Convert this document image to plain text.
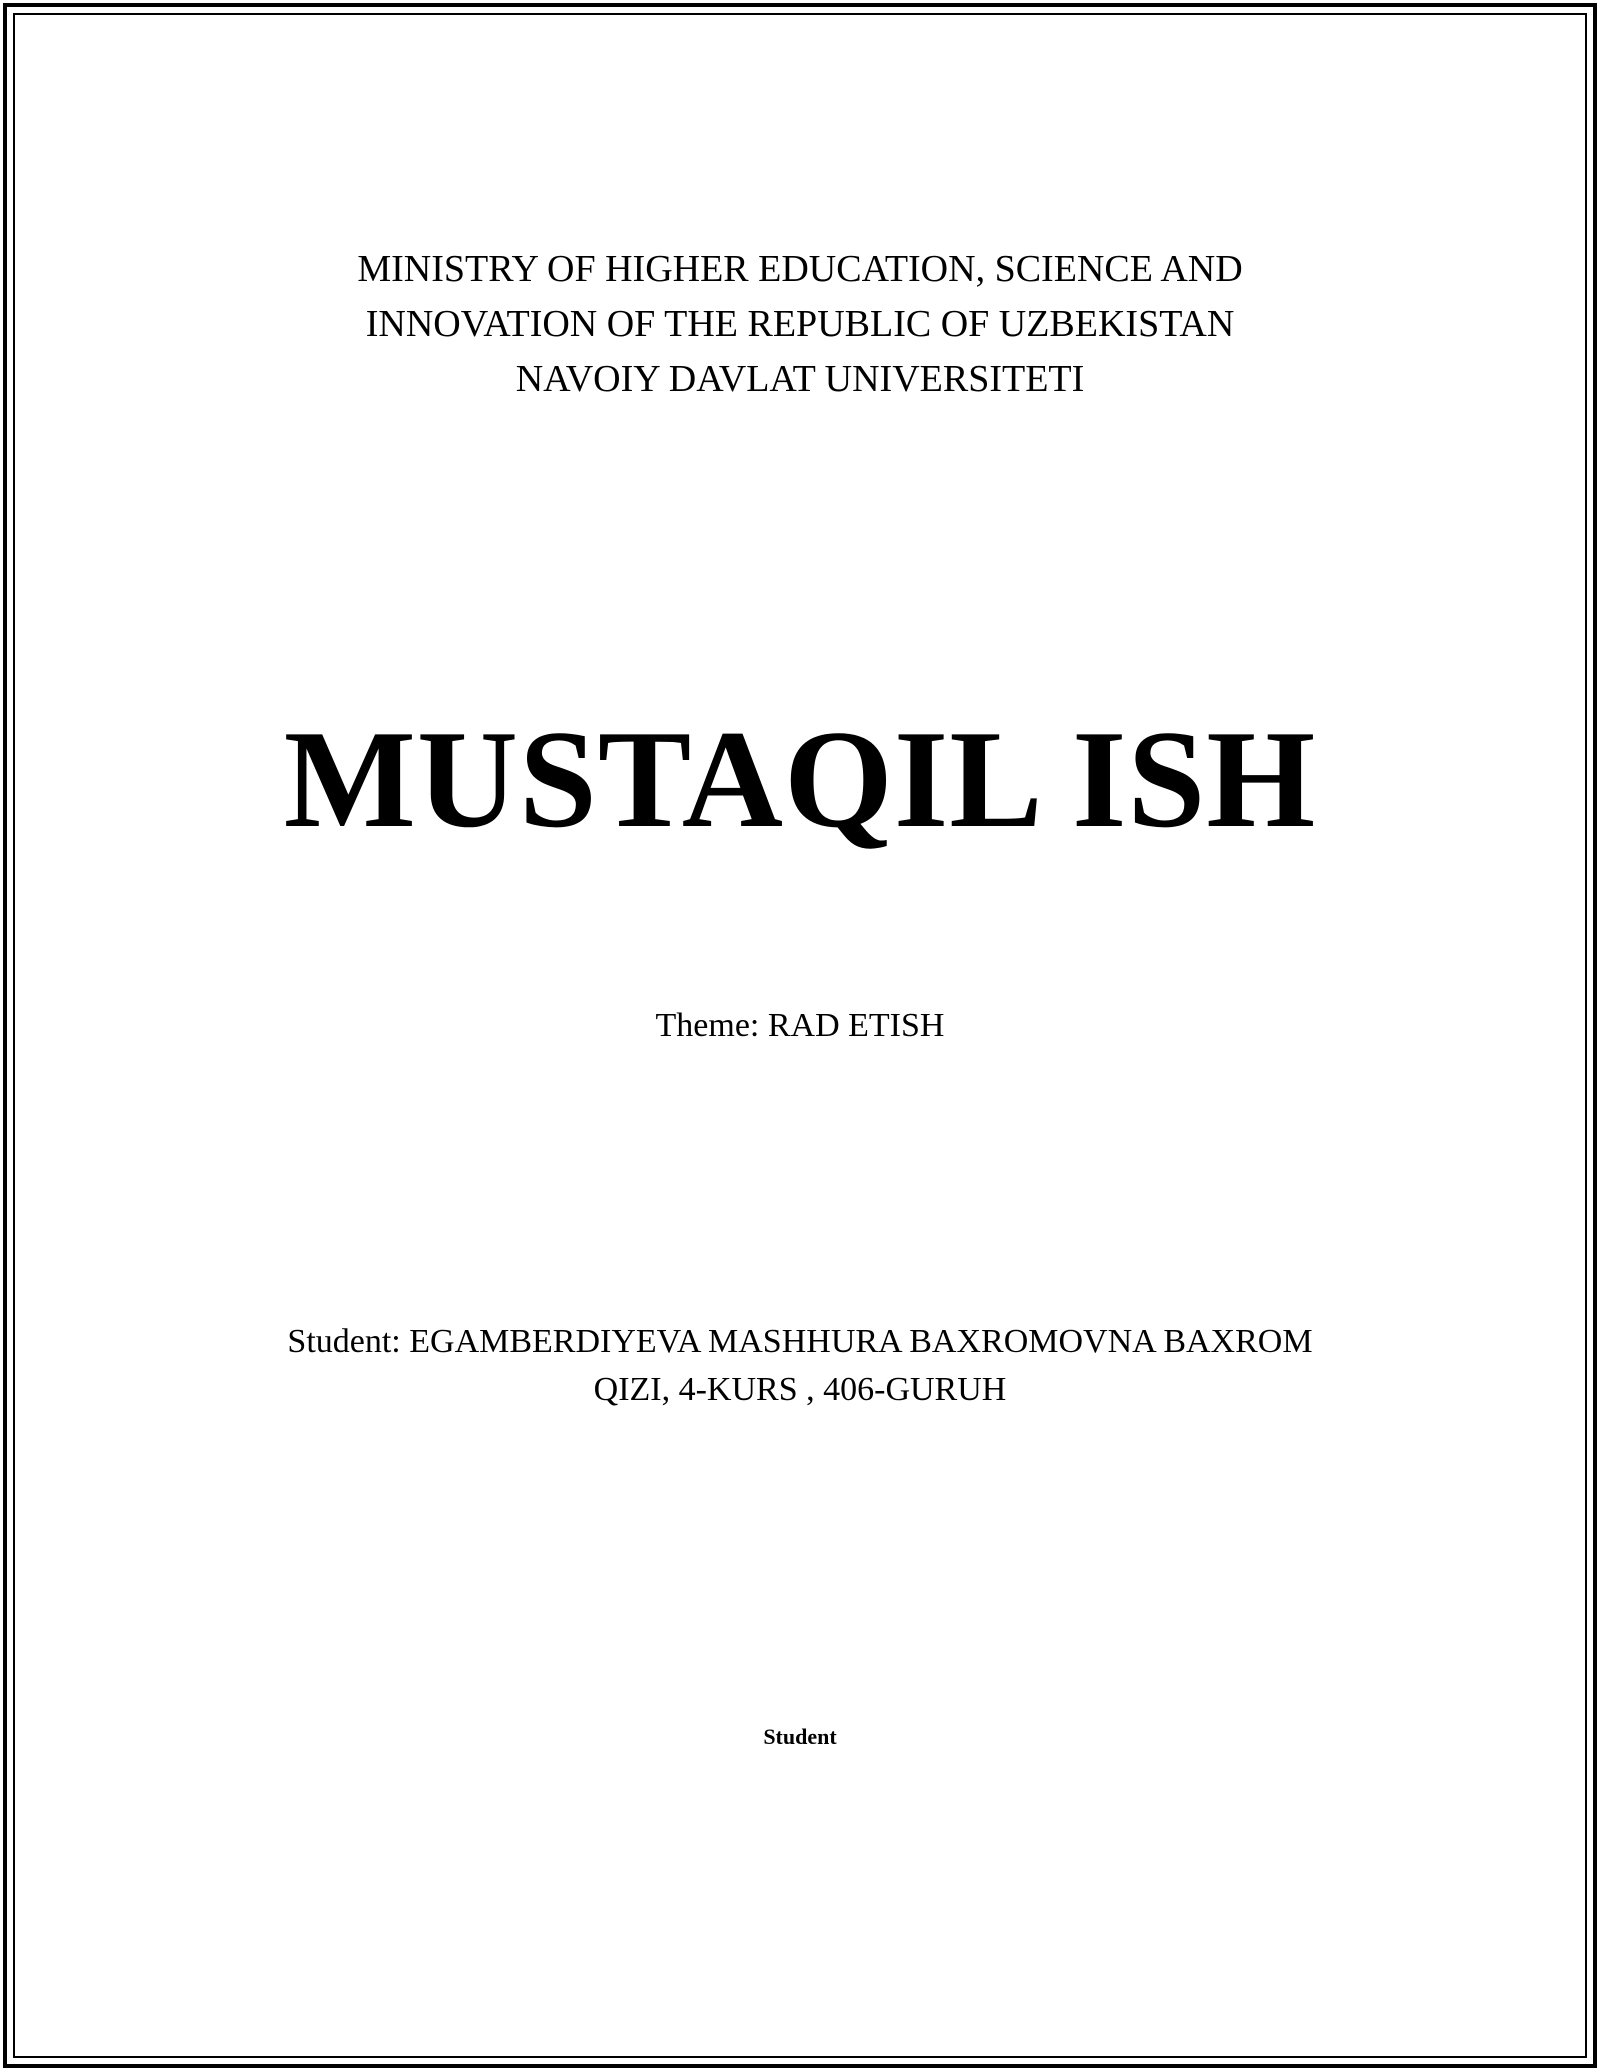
MINISTRY OF HIGHER EDUCATION, SCIENCE AND
INNOVATION OF THE REPUBLIC OF UZBEKISTAN
NAVOIY DAVLAT UNIVERSITETI
MUSTAQIL ISH
Theme: RAD ETISH
Student: EGAMBERDIYEVA MASHHURA BAXROMOVNA BAXROM
QIZI, 4-KURS , 406-GURUH
Student
